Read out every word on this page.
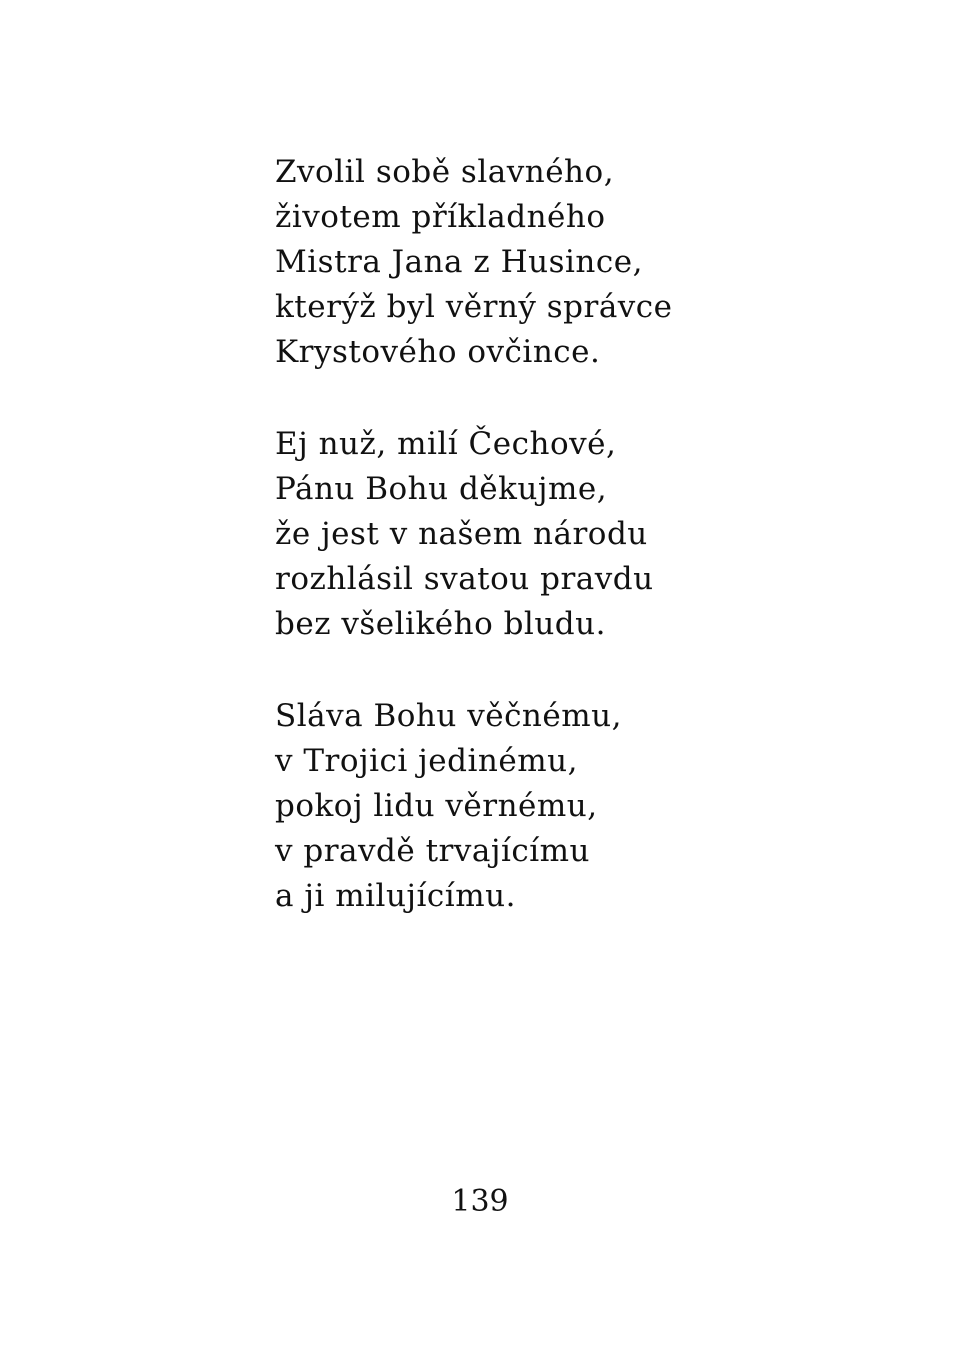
Zvolil sobě slavného,
životem příkladného
Mistra Jana z Husince,
kterýž byl věrný správce
Krystového ovčince.

Ej nuž, milí Čechové,
Pánu Bohu děkujme,
že jest v našem národu
rozhlásil svatou pravdu
bez všelikého bludu.

Sláva Bohu věčnému,
v Trojici jedinému,
pokoj lidu věrnému,
v pravdě trvajícímu
a ji milujícímu.

139
